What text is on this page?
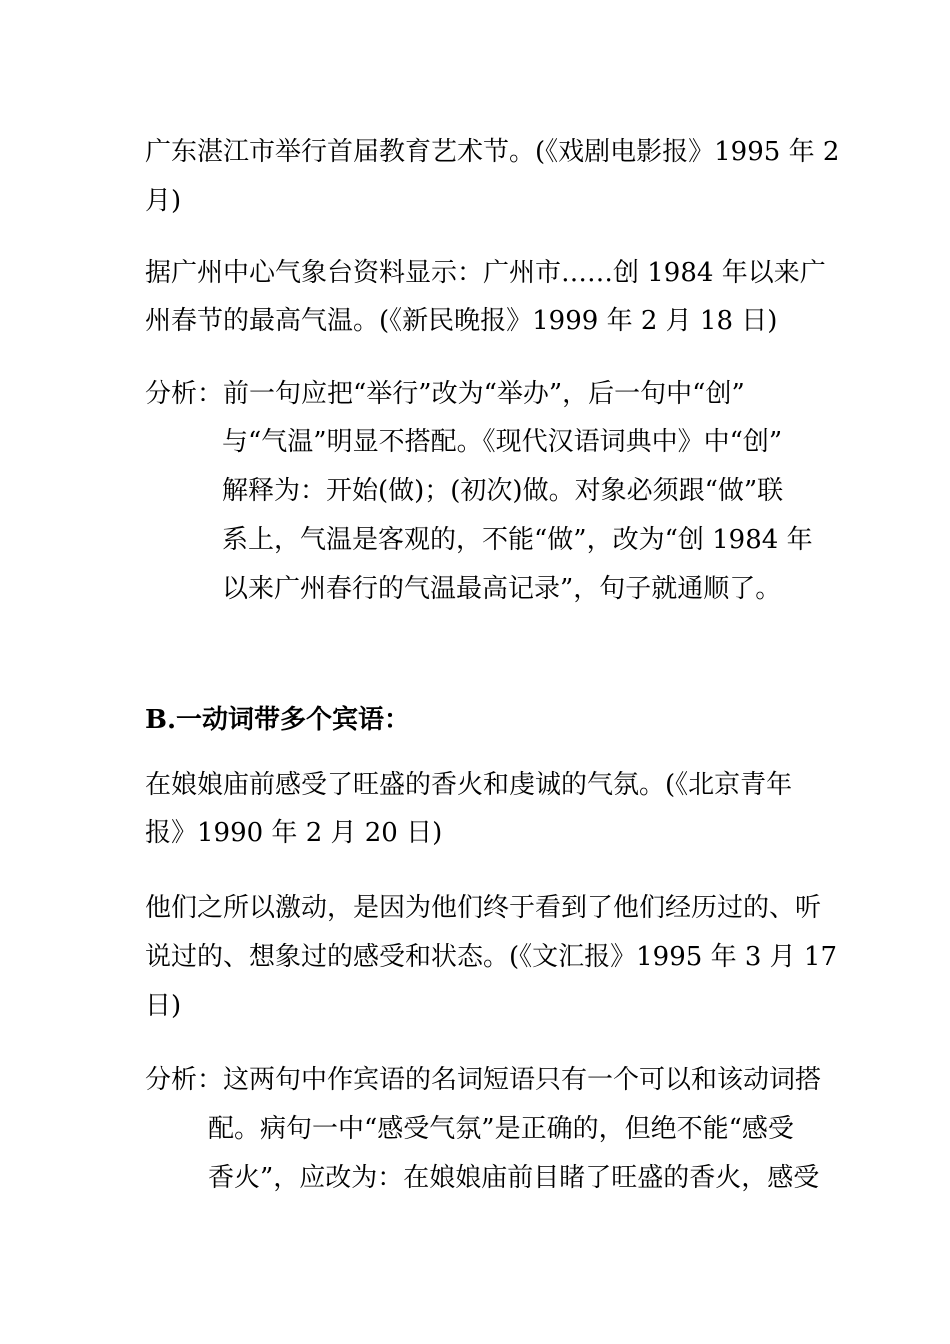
广东湛江市举行首届教育艺术节。(《戏剧电影报》1995 年 2
月)
据广州中心气象台资料显示：广州市……创 1984 年以来广
州春节的最高气温。(《新民晚报》1999 年 2 月 18 日)
分析：前一句应把“举行”改为“举办”，后一句中“创”
与“气温”明显不搭配。《现代汉语词典中》中“创”
解释为：开始(做)；(初次)做。对象必须跟“做”联
系上，气温是客观的，不能“做”，改为“创 1984 年
以来广州春行的气温最高记录”，句子就通顺了。
B.一动词带多个宾语：
在娘娘庙前感受了旺盛的香火和虔诚的气氛。(《北京青年
报》1990 年 2 月 20 日)
他们之所以激动，是因为他们终于看到了他们经历过的、听
说过的、想象过的感受和状态。(《文汇报》1995 年 3 月 17
日)
分析：这两句中作宾语的名词短语只有一个可以和该动词搭
配。病句一中“感受气氛”是正确的，但绝不能“感受
香火”，应改为：在娘娘庙前目睹了旺盛的香火，感受
